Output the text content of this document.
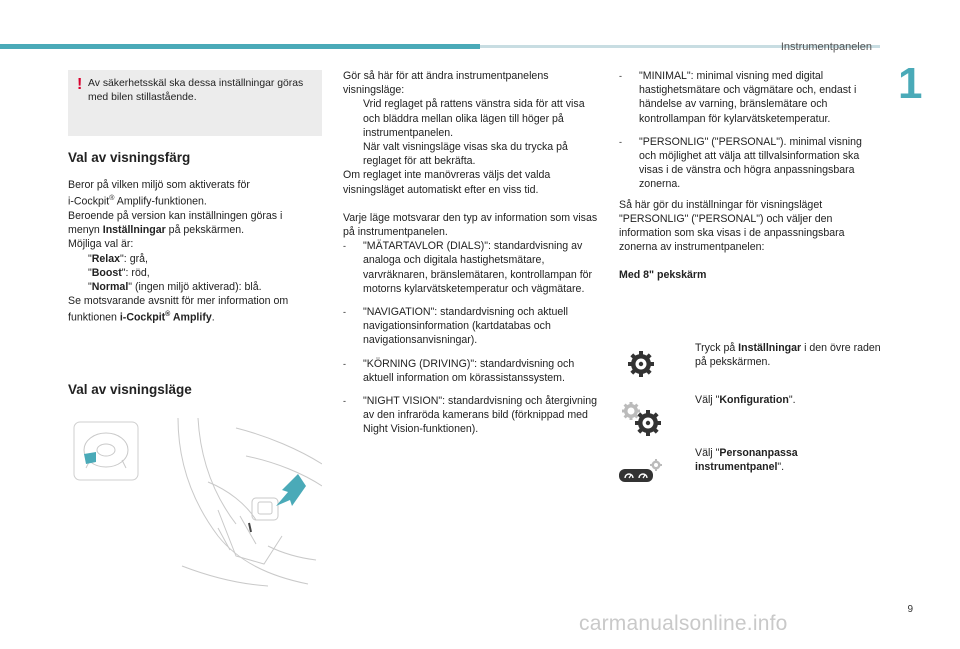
Instrumentpanelen
1
! Av säkerhetsskäl ska dessa inställningar göras med bilen stillastående.
Val av visningsfärg
Beror på vilken miljö som aktiverats för
i-Cockpit® Amplify-funktionen.
Beroende på version kan inställningen göras i
menyn Inställningar på pekskärmen.
Möjliga val är:
"Relax": grå,
"Boost": röd,
"Normal" (ingen miljö aktiverad): blå.
Se motsvarande avsnitt för mer information om
funktionen i-Cockpit® Amplify.
Val av visningsläge
Gör så här för att ändra instrumentpanelens visningsläge:
Vrid reglaget på rattens vänstra sida för att visa och bläddra mellan olika lägen till höger på instrumentpanelen.
När valt visningsläge visas ska du trycka på reglaget för att bekräfta.
Om reglaget inte manövreras väljs det valda visningsläget automatiskt efter en viss tid.
Varje läge motsvarar den typ av information som visas på instrumentpanelen.
- "MÄTARTAVLOR (DIALS)": standardvisning av analoga och digitala hastighetsmätare, varvräknaren, bränslemätaren, kontrollampan för motorns kylarvätsketemperatur och vägmätare.
- "NAVIGATION": standardvisning och aktuell navigationsinformation (kartdatabas och navigationsanvisningar).
- "KÖRNING (DRIVING)": standardvisning och aktuell information om körassistanssystem.
- "NIGHT VISION": standardvisning och återgivning av den infraröda kamerans bild (förknippad med Night Vision-funktionen).
- "MINIMAL": minimal visning med digital hastighetsmätare och vägmätare och, endast i händelse av varning, bränslemätare och kontrollampan för kylarvätsketemperatur.
- "PERSONLIG" ("PERSONAL"). minimal visning och möjlighet att välja att tillvalsinformation ska visas i de vänstra och högra anpassningsbara zonerna.
Så här gör du inställningar för visningsläget "PERSONLIG" ("PERSONAL") och väljer den information som ska visas i de anpassningsbara zonerna av instrumentpanelen:
Med 8" pekskärm
Tryck på Inställningar i den övre raden på pekskärmen.
Välj "Konfiguration".
Välj "Personanpassa instrumentpanel".
9
carmanualsonline.info
